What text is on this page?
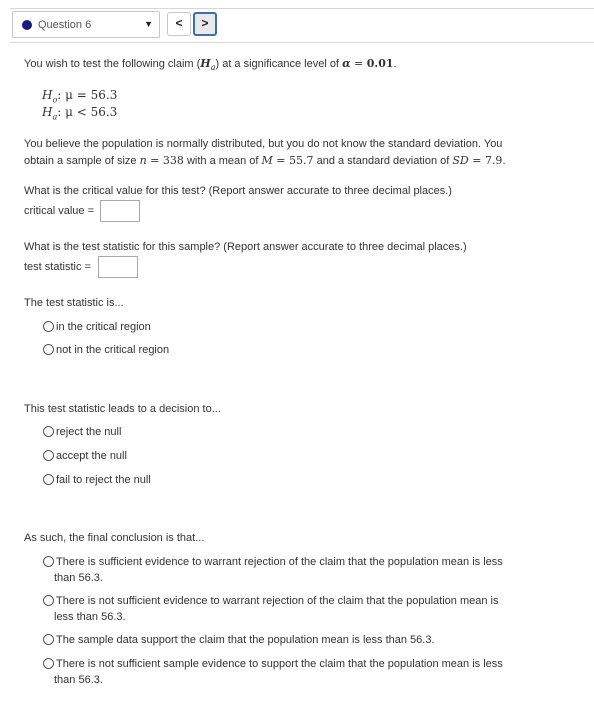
Question 6	▼	<	>
You wish to test the following claim $(H_a)$ at a significance level of α = 0.01.
$H_o$: μ = 56.3
$H_a$: μ < 56.3
You believe the population is normally distributed, but you do not know the standard deviation. You
obtain a sample of size n = 338 with a mean of M = 55.7 and a standard deviation of SD = 7.9.
What is the critical value for this test? (Report answer accurate to three decimal places.)
critical value =
What is the test statistic for this sample? (Report answer accurate to three decimal places.)
test statistic =
The test statistic is...
in the critical region
not in the critical region
This test statistic leads to a decision to...
reject the null
accept the null
fail to reject the null
As such, the final conclusion is that...
There is sufficient evidence to warrant rejection of the claim that the population mean is less
than 56.3.
There is not sufficient evidence to warrant rejection of the claim that the population mean is
less than 56.3.
The sample data support the claim that the population mean is less than 56.3.
There is not sufficient sample evidence to support the claim that the population mean is less
than 56.3.
